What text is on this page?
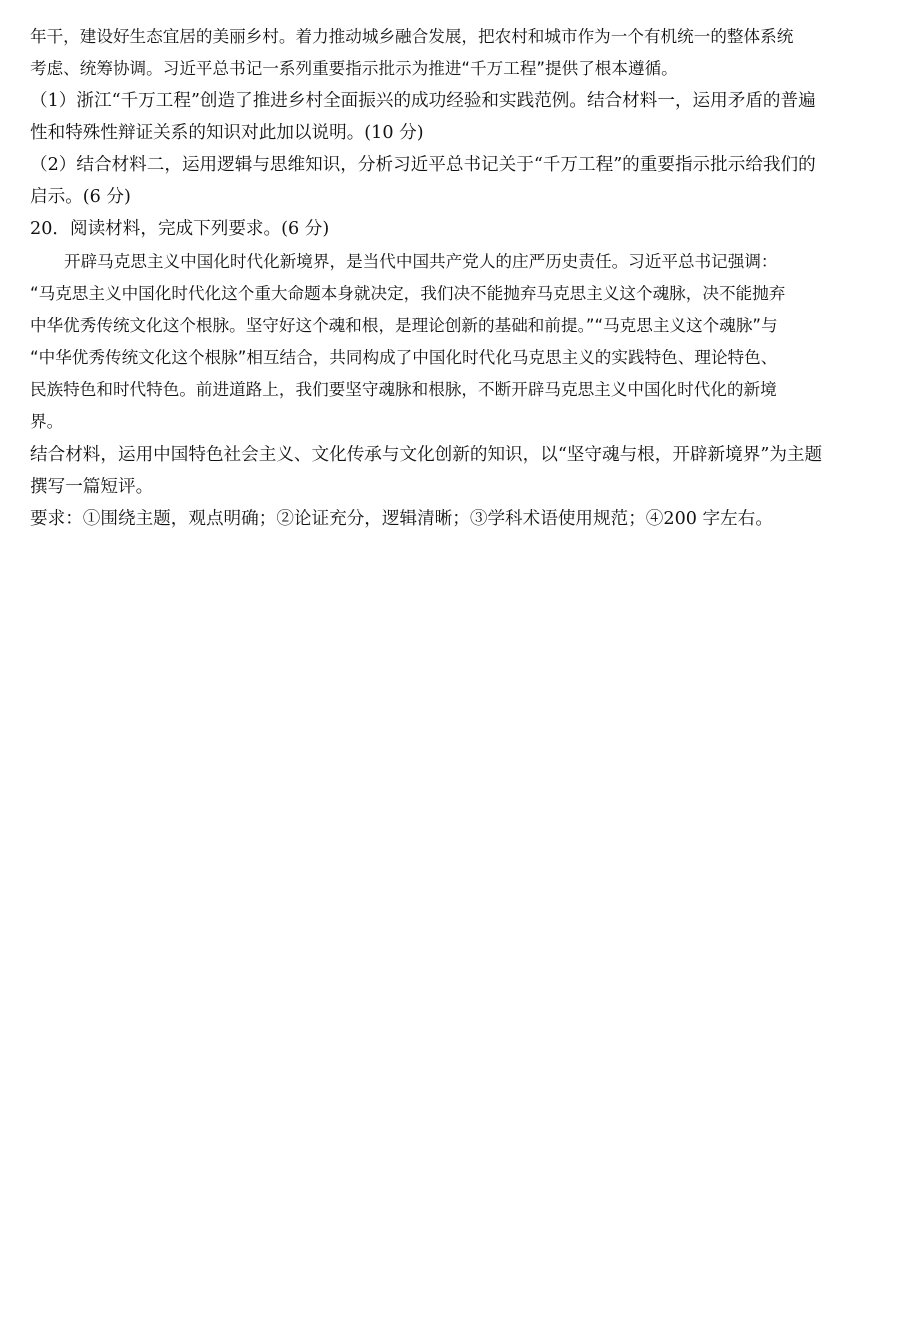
年干，建设好生态宜居的美丽乡村。着力推动城乡融合发展，把农村和城市作为一个有机统一的整体系统
考虑、统筹协调。习近平总书记一系列重要指示批示为推进“千万工程”提供了根本遵循。
（1）浙江“千万工程”创造了推进乡村全面振兴的成功经验和实践范例。结合材料一，运用矛盾的普遍
性和特殊性辩证关系的知识对此加以说明。(10 分)
（2）结合材料二，运用逻辑与思维知识，分析习近平总书记关于“千万工程”的重要指示批示给我们的
启示。(6 分)
20．阅读材料，完成下列要求。(6 分)
开辟马克思主义中国化时代化新境界，是当代中国共产党人的庄严历史责任。习近平总书记强调：
“马克思主义中国化时代化这个重大命题本身就决定，我们决不能抛弃马克思主义这个魂脉，决不能抛弃
中华优秀传统文化这个根脉。坚守好这个魂和根，是理论创新的基础和前提。”“马克思主义这个魂脉”与
“中华优秀传统文化这个根脉”相互结合，共同构成了中国化时代化马克思主义的实践特色、理论特色、
民族特色和时代特色。前进道路上，我们要坚守魂脉和根脉，不断开辟马克思主义中国化时代化的新境
界。
结合材料，运用中国特色社会主义、文化传承与文化创新的知识，以“坚守魂与根，开辟新境界”为主题
撰写一篇短评。
要求：①围绕主题，观点明确；②论证充分，逻辑清晰；③学科术语使用规范；④200 字左右。
